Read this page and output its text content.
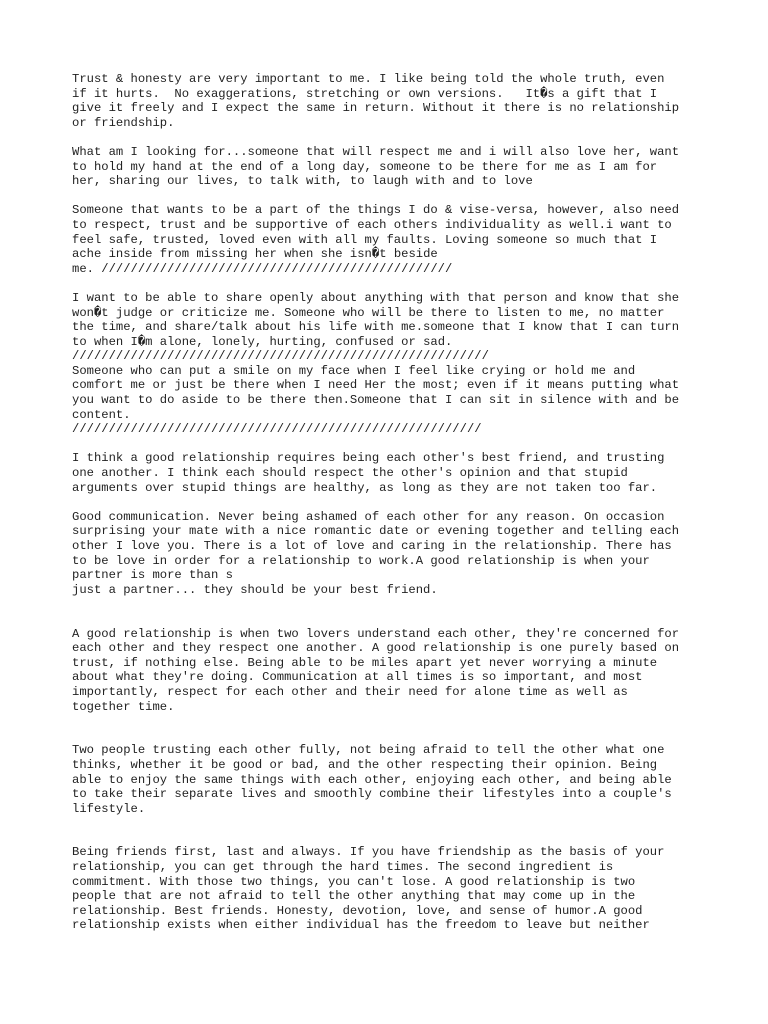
Trust & honesty are very important to me. I like being told the whole truth, even
if it hurts.  No exaggerations, stretching or own versions.   It�s a gift that I
give it freely and I expect the same in return. Without it there is no relationship
or friendship.

What am I looking for...someone that will respect me and i will also love her, want
to hold my hand at the end of a long day, someone to be there for me as I am for
her, sharing our lives, to talk with, to laugh with and to love

Someone that wants to be a part of the things I do & vise-versa, however, also need
to respect, trust and be supportive of each others individuality as well.i want to
feel safe, trusted, loved even with all my faults. Loving someone so much that I
ache inside from missing her when she isn�t beside
me. ////////////////////////////////////////////////

I want to be able to share openly about anything with that person and know that she
won�t judge or criticize me. Someone who will be there to listen to me, no matter
the time, and share/talk about his life with me.someone that I know that I can turn
to when I�m alone, lonely, hurting, confused or sad.
/////////////////////////////////////////////////////////
Someone who can put a smile on my face when I feel like crying or hold me and
comfort me or just be there when I need Her the most; even if it means putting what
you want to do aside to be there then.Someone that I can sit in silence with and be
content.
////////////////////////////////////////////////////////

I think a good relationship requires being each other's best friend, and trusting
one another. I think each should respect the other's opinion and that stupid
arguments over stupid things are healthy, as long as they are not taken too far.

Good communication. Never being ashamed of each other for any reason. On occasion
surprising your mate with a nice romantic date or evening together and telling each
other I love you. There is a lot of love and caring in the relationship. There has
to be love in order for a relationship to work.A good relationship is when your
partner is more than s
just a partner... they should be your best friend.

A good relationship is when two lovers understand each other, they're concerned for
each other and they respect one another. A good relationship is one purely based on
trust, if nothing else. Being able to be miles apart yet never worrying a minute
about what they're doing. Communication at all times is so important, and most
importantly, respect for each other and their need for alone time as well as
together time.

Two people trusting each other fully, not being afraid to tell the other what one
thinks, whether it be good or bad, and the other respecting their opinion. Being
able to enjoy the same things with each other, enjoying each other, and being able
to take their separate lives and smoothly combine their lifestyles into a couple's
lifestyle.

Being friends first, last and always. If you have friendship as the basis of your
relationship, you can get through the hard times. The second ingredient is
commitment. With those two things, you can't lose. A good relationship is two
people that are not afraid to tell the other anything that may come up in the
relationship. Best friends. Honesty, devotion, love, and sense of humor.A good
relationship exists when either individual has the freedom to leave but neither
